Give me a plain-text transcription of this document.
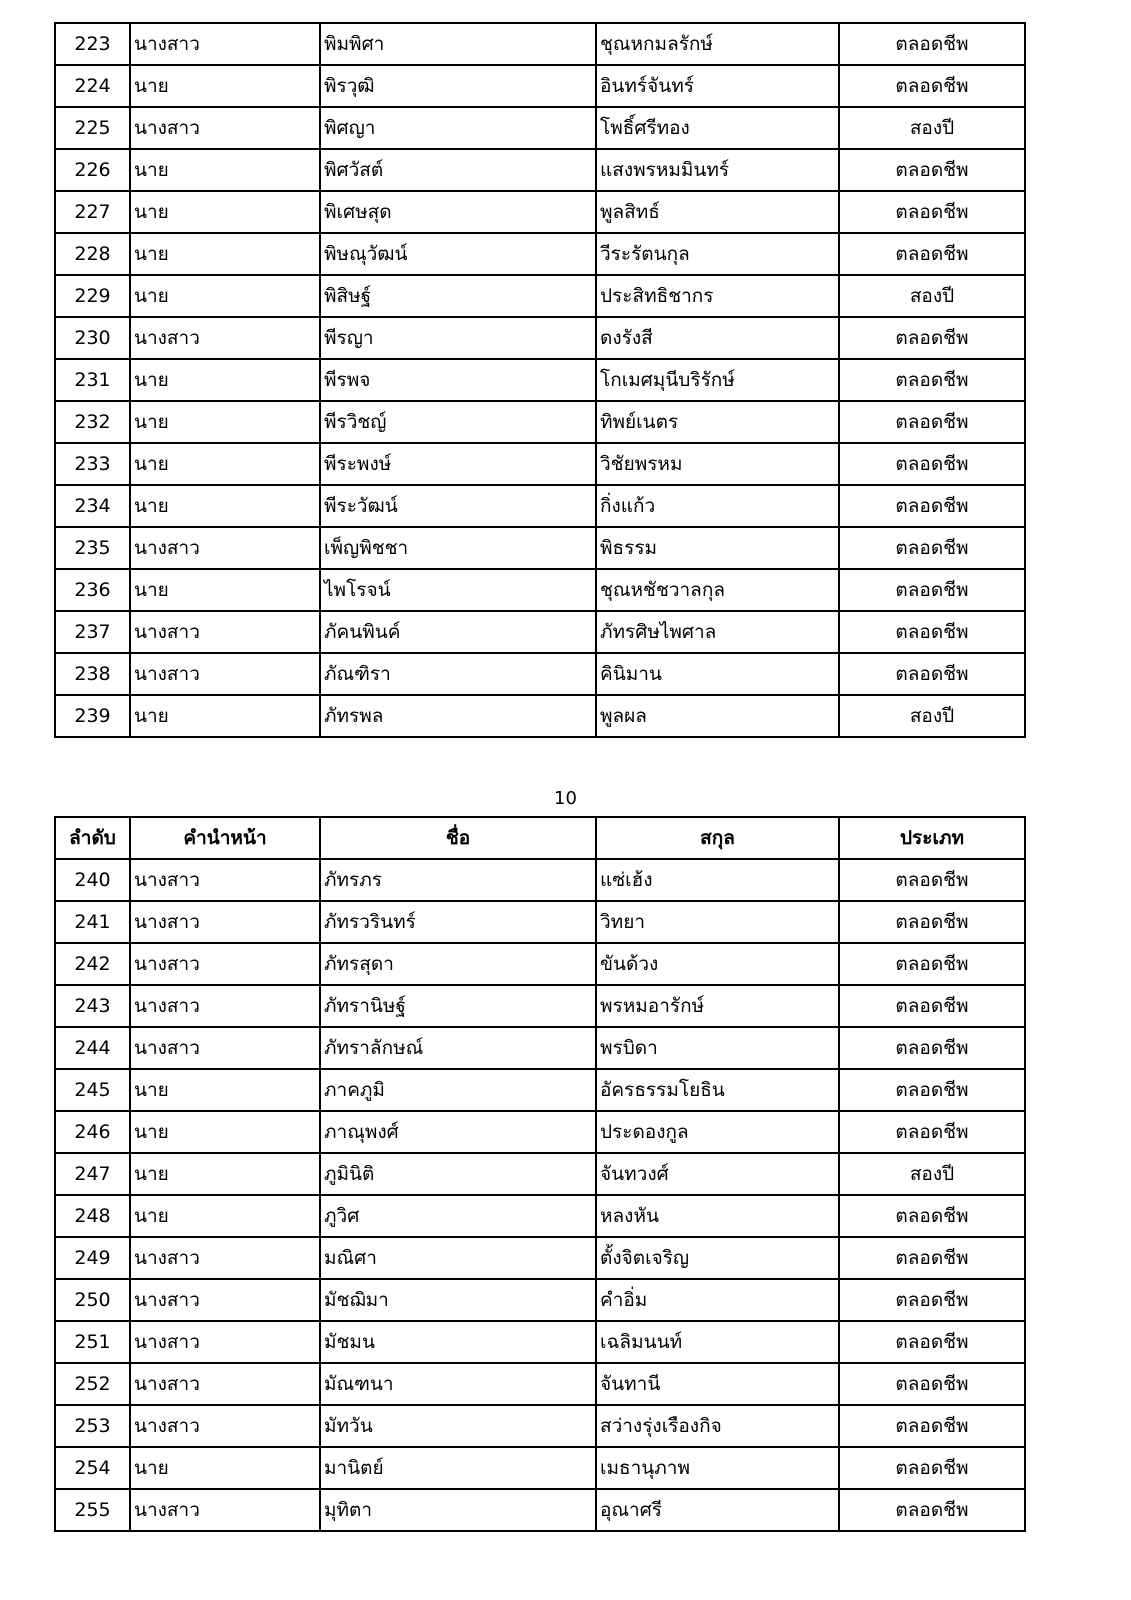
223	นางสาว	พิมพิศา	ชุณหกมลรักษ์	ตลอดชีพ
224	นาย	พิรวุฒิ	อินทร์จันทร์	ตลอดชีพ
225	นางสาว	พิศญา	โพธิ์ศรีทอง	สองปี
226	นาย	พิศวัสต์	แสงพรหมมินทร์	ตลอดชีพ
227	นาย	พิเศษสุด	พูลสิทธ์	ตลอดชีพ
228	นาย	พิษณุวัฒน์	วีระรัตนกุล	ตลอดชีพ
229	นาย	พิสิษฐ์	ประสิทธิชากร	สองปี
230	นางสาว	พีรญา	ดงรังสี	ตลอดชีพ
231	นาย	พีรพจ	โกเมศมุนีบริรักษ์	ตลอดชีพ
232	นาย	พีรวิชญ์	ทิพย์เนตร	ตลอดชีพ
233	นาย	พีระพงษ์	วิชัยพรหม	ตลอดชีพ
234	นาย	พีระวัฒน์	กิ่งแก้ว	ตลอดชีพ
235	นางสาว	เพ็ญพิชชา	พิธรรม	ตลอดชีพ
236	นาย	ไพโรจน์	ชุณหชัชวาลกุล	ตลอดชีพ
237	นางสาว	ภัคนพินค์	ภัทรศิษไพศาล	ตลอดชีพ
238	นางสาว	ภัณฑิรา	คินิมาน	ตลอดชีพ
239	นาย	ภัทรพล	พูลผล	สองปี
10
ลำดับ	คำนำหน้า	ชื่อ	สกุล	ประเภท
240	นางสาว	ภัทรภร	แซ่เฮ้ง	ตลอดชีพ
241	นางสาว	ภัทรวรินทร์	วิทยา	ตลอดชีพ
242	นางสาว	ภัทรสุดา	ขันด้วง	ตลอดชีพ
243	นางสาว	ภัทรานิษฐ์	พรหมอารักษ์	ตลอดชีพ
244	นางสาว	ภัทราลักษณ์	พรบิดา	ตลอดชีพ
245	นาย	ภาคภูมิ	อัครธรรมโยธิน	ตลอดชีพ
246	นาย	ภาณุพงศ์	ประดองกูล	ตลอดชีพ
247	นาย	ภูมินิติ	จันทวงศ์	สองปี
248	นาย	ภูวิศ	หลงหัน	ตลอดชีพ
249	นางสาว	มณิศา	ตั้งจิตเจริญ	ตลอดชีพ
250	นางสาว	มัชฌิมา	คำอิ่ม	ตลอดชีพ
251	นางสาว	มัชมน	เฉลิมนนท์	ตลอดชีพ
252	นางสาว	มัณฑนา	จันทานี	ตลอดชีพ
253	นางสาว	มัทวัน	สว่างรุ่งเรืองกิจ	ตลอดชีพ
254	นาย	มานิตย์	เมธานุภาพ	ตลอดชีพ
255	นางสาว	มุทิตา	อุณาศรี	ตลอดชีพ
